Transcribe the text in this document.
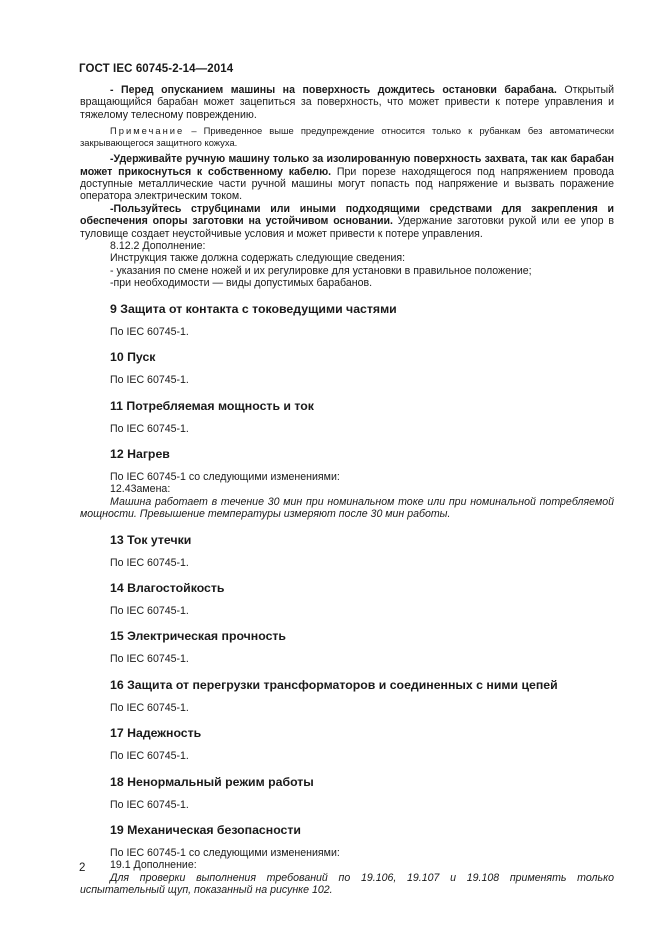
ГОСТ IEC 60745-2-14—2014

- Перед опусканием машины на поверхность дождитесь остановки барабана. Открытый вращающийся барабан может зацепиться за поверхность, что может привести к потере управления и тяжелому телесному повреждению.

Примечание – Приведенное выше предупреждение относится только к рубанкам без автоматически закрывающегося защитного кожуха.

-Удерживайте ручную машину только за изолированную поверхность захвата, так как барабан может прикоснуться к собственному кабелю. При порезе находящегося под напряжением провода доступные металлические части ручной машины могут попасть под напряжение и вызвать поражение оператора электрическим током.

-Пользуйтесь струбцинами или иными подходящими средствами для закрепления и обеспечения опоры заготовки на устойчивом основании. Удержание заготовки рукой или ее упор в туловище создает неустойчивые условия и может привести к потере управления.

8.12.2 Дополнение:

Инструкция также должна содержать следующие сведения:

- указания по смене ножей и их регулировке для установки в правильное положение;

-при необходимости — виды допустимых барабанов.

9 Защита от контакта с токоведущими частями

По IEC 60745-1.

10 Пуск

По IEC 60745-1.

11 Потребляемая мощность и ток

По IEC 60745-1.

12 Нагрев

По IEC 60745-1 со следующими изменениями:

12.43амена:

Машина работает в течение 30 мин при номинальном токе или при номинальной потребляемой мощности. Превышение температуры измеряют после 30 мин работы.

13 Ток утечки

По IEC 60745-1.

14 Влагостойкость

По IEC 60745-1.

15 Электрическая прочность

По IEC 60745-1.

16 Защита от перегрузки трансформаторов и соединенных с ними цепей

По IEC 60745-1.

17 Надежность

По IEC 60745-1.

18 Ненормальный режим работы

По IEC 60745-1.

19 Механическая безопасности

По IEC 60745-1 со следующими изменениями:

19.1 Дополнение:

Для проверки выполнения требований по 19.106, 19.107 и 19.108 применять только испытательный щуп, показанный на рисунке 102.

2
